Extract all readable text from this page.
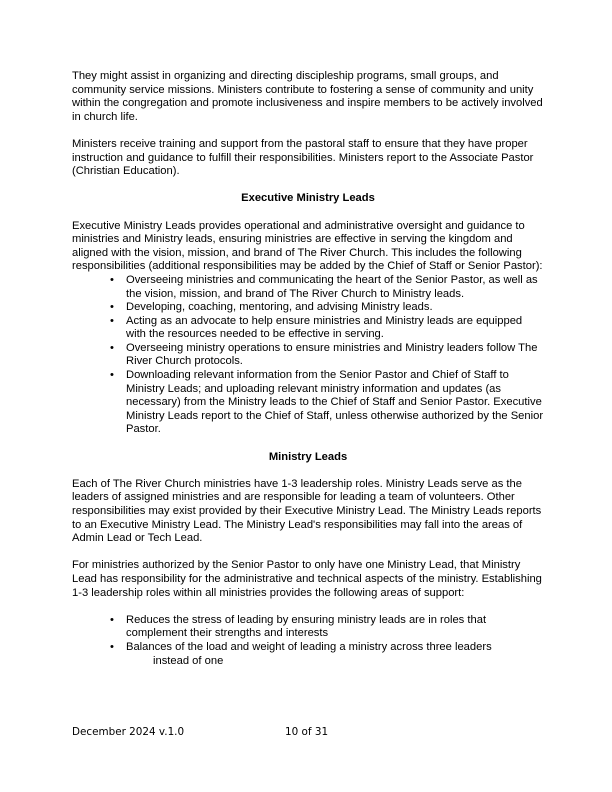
They might assist in organizing and directing discipleship programs, small groups, and community service missions. Ministers contribute to fostering a sense of community and unity within the congregation and promote inclusiveness and inspire members to be actively involved in church life.

Ministers receive training and support from the pastoral staff to ensure that they have proper instruction and guidance to fulfill their responsibilities. Ministers report to the Associate Pastor (Christian Education).

Executive Ministry Leads

Executive Ministry Leads provides operational and administrative oversight and guidance to ministries and Ministry leads, ensuring ministries are effective in serving the kingdom and aligned with the vision, mission, and brand of The River Church. This includes the following responsibilities (additional responsibilities may be added by the Chief of Staff or Senior Pastor):

•	Overseeing ministries and communicating the heart of the Senior Pastor, as well as the vision, mission, and brand of The River Church to Ministry leads.
•	Developing, coaching, mentoring, and advising Ministry leads.
•	Acting as an advocate to help ensure ministries and Ministry leads are equipped with the resources needed to be effective in serving.
•	Overseeing ministry operations to ensure ministries and Ministry leaders follow The River Church protocols.
•	Downloading relevant information from the Senior Pastor and Chief of Staff to Ministry Leads; and uploading relevant ministry information and updates (as necessary) from the Ministry leads to the Chief of Staff and Senior Pastor. Executive Ministry Leads report to the Chief of Staff, unless otherwise authorized by the Senior Pastor.
Ministry Leads

Each of The River Church ministries have 1-3 leadership roles. Ministry Leads serve as the leaders of assigned ministries and are responsible for leading a team of volunteers. Other responsibilities may exist provided by their Executive Ministry Lead. The Ministry Leads reports to an Executive Ministry Lead. The Ministry Lead's responsibilities may fall into the areas of Admin Lead or Tech Lead.

For ministries authorized by the Senior Pastor to only have one Ministry Lead, that Ministry Lead has responsibility for the administrative and technical aspects of the ministry. Establishing 1-3 leadership roles within all ministries provides the following areas of support:

•	Reduces the stress of leading by ensuring ministry leads are in roles that complement their strengths and interests
•	Balances of the load and weight of leading a ministry across three leaders
instead of one
December 2024 v.1.0	10 of 31
